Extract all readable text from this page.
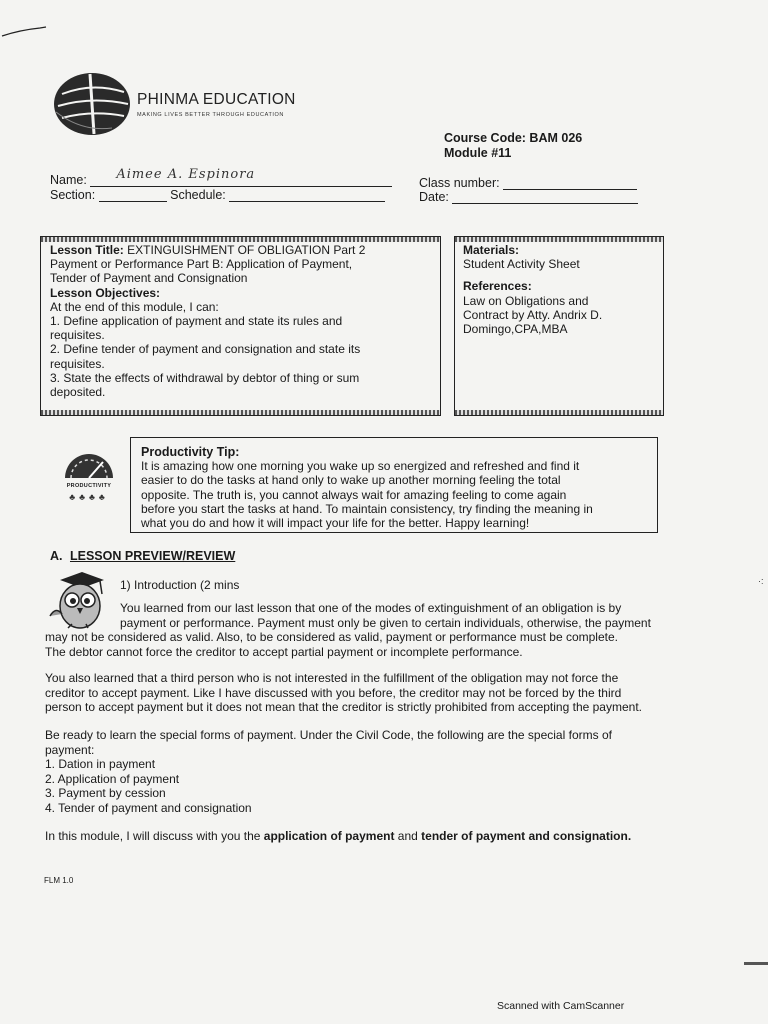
PHINMA EDUCATION
MAKING LIVES BETTER THROUGH EDUCATION
Course Code: BAM 026
Module #11
Name: Aimee A. Espinora
Section:	Schedule:
Class number:
Date:
Lesson Title: EXTINGUISHMENT OF OBLIGATION Part 2
Payment or Performance Part B: Application of Payment,
Tender of Payment and Consignation
Lesson Objectives:
At the end of this module, I can:
1. Define application of payment and state its rules and
requisites.
2. Define tender of payment and consignation and state its
requisites.
3. State the effects of withdrawal by debtor of thing or sum
deposited.
Materials:
Student Activity Sheet
References:
Law on Obligations and
Contract by Atty. Andrix D.
Domingo,CPA,MBA
PRODUCTIVITY
♣♣♣♣
Productivity Tip:
It is amazing how one morning you wake up so energized and refreshed and find it
easier to do the tasks at hand only to wake up another morning feeling the total
opposite. The truth is, you cannot always wait for amazing feeling to come again
before you start the tasks at hand. To maintain consistency, try finding the meaning in
what you do and how it will impact your life for the better. Happy learning!
A. LESSON PREVIEW/REVIEW
1) Introduction (2 mins
You learned from our last lesson that one of the modes of extinguishment of an obligation is by
payment or performance. Payment must only be given to certain individuals, otherwise, the payment
may not be considered as valid. Also, to be considered as valid, payment or performance must be complete.
The debtor cannot force the creditor to accept partial payment or incomplete performance.
You also learned that a third person who is not interested in the fulfillment of the obligation may not force the
creditor to accept payment. Like I have discussed with you before, the creditor may not be forced by the third
person to accept payment but it does not mean that the creditor is strictly prohibited from accepting the payment.
Be ready to learn the special forms of payment. Under the Civil Code, the following are the special forms of
payment:
1. Dation in payment
2. Application of payment
3. Payment by cession
4. Tender of payment and consignation
In this module, I will discuss with you the application of payment and tender of payment and consignation.
FLM 1.0
·:
Scanned with CamScanner
